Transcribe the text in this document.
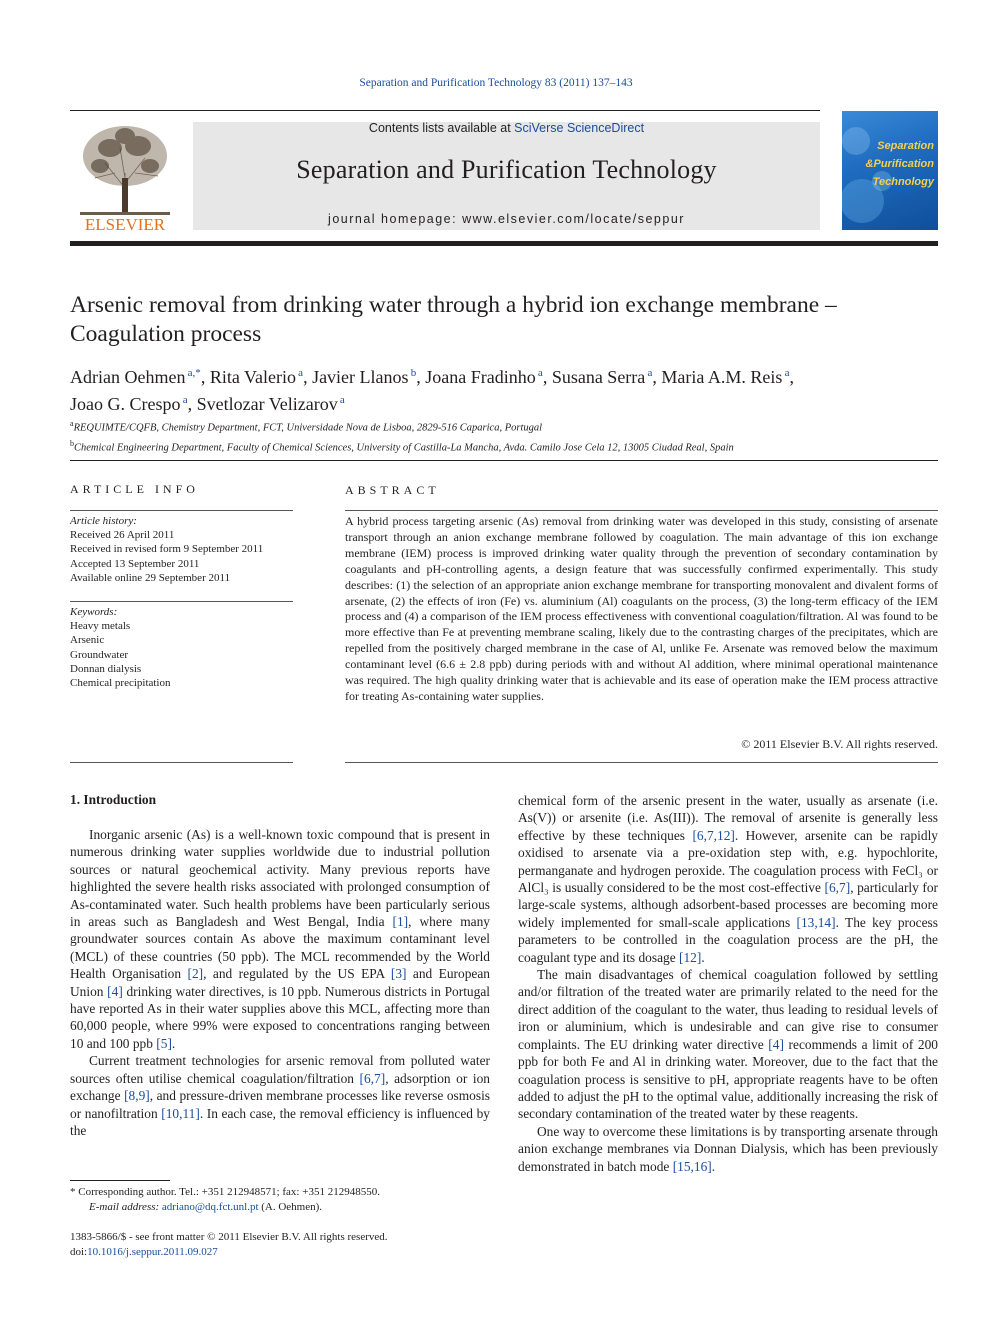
Separation and Purification Technology 83 (2011) 137–143
ELSEVIER
Contents lists available at SciVerse ScienceDirect
Separation and Purification Technology
journal homepage: www.elsevier.com/locate/seppur
Separation
&Purification
Technology
Arsenic removal from drinking water through a hybrid ion exchange membrane – Coagulation process
Adrian Oehmen $^{a,*}$, Rita Valerio $^a$, Javier Llanos $^b$, Joana Fradinho $^a$, Susana Serra $^a$, Maria A.M. Reis $^a$,
Joao G. Crespo $^a$, Svetlozar Velizarov $^a$
$^a$REQUIMTE/CQFB, Chemistry Department, FCT, Universidade Nova de Lisboa, 2829-516 Caparica, Portugal
$^b$Chemical Engineering Department, Faculty of Chemical Sciences, University of Castilla-La Mancha, Avda. Camilo Jose Cela 12, 13005 Ciudad Real, Spain
ARTICLE INFO
Article history:
Received 26 April 2011
Received in revised form 9 September 2011
Accepted 13 September 2011
Available online 29 September 2011
Keywords:
Heavy metals
Arsenic
Groundwater
Donnan dialysis
Chemical precipitation
ABSTRACT
A hybrid process targeting arsenic (As) removal from drinking water was developed in this study, consisting of arsenate transport through an anion exchange membrane followed by coagulation. The main advantage of this ion exchange membrane (IEM) process is improved drinking water quality through the prevention of secondary contamination by coagulants and pH-controlling agents, a design feature that was successfully confirmed experimentally. This study describes: (1) the selection of an appropriate anion exchange membrane for transporting monovalent and divalent forms of arsenate, (2) the effects of iron (Fe) vs. aluminium (Al) coagulants on the process, (3) the long-term efficacy of the IEM process and (4) a comparison of the IEM process effectiveness with conventional coagulation/filtration. Al was found to be more effective than Fe at preventing membrane scaling, likely due to the contrasting charges of the precipitates, which are repelled from the positively charged membrane in the case of Al, unlike Fe. Arsenate was removed below the maximum contaminant level (6.6 ± 2.8 ppb) during periods with and without Al addition, where minimal operational maintenance was required. The high quality drinking water that is achievable and its ease of operation make the IEM process attractive for treating As-containing water supplies.
© 2011 Elsevier B.V. All rights reserved.
1. Introduction

Inorganic arsenic (As) is a well-known toxic compound that is present in numerous drinking water supplies worldwide due to industrial pollution sources or natural geochemical activity. Many previous reports have highlighted the severe health risks associated with prolonged consumption of As-contaminated water. Such health problems have been particularly serious in areas such as Bangladesh and West Bengal, India [1], where many groundwater sources contain As above the maximum contaminant level (MCL) of these countries (50 ppb). The MCL recommended by the World Health Organisation [2], and regulated by the US EPA [3] and European Union [4] drinking water directives, is 10 ppb. Numerous districts in Portugal have reported As in their water supplies above this MCL, affecting more than 60,000 people, where 99% were exposed to concentrations ranging between 10 and 100 ppb [5].

Current treatment technologies for arsenic removal from polluted water sources often utilise chemical coagulation/filtration [6,7], adsorption or ion exchange [8,9], and pressure-driven membrane processes like reverse osmosis or nanofiltration [10,11]. In each case, the removal efficiency is influenced by the

chemical form of the arsenic present in the water, usually as arsenate (i.e. As(V)) or arsenite (i.e. As(III)). The removal of arsenite is generally less effective by these techniques [6,7,12]. However, arsenite can be rapidly oxidised to arsenate via a pre-oxidation step with, e.g. hypochlorite, permanganate and hydrogen peroxide. The coagulation process with FeCl₃ or AlCl₃ is usually considered to be the most cost-effective [6,7], particularly for large-scale systems, although adsorbent-based processes are becoming more widely implemented for small-scale applications [13,14]. The key process parameters to be controlled in the coagulation process are the pH, the coagulant type and its dosage [12].

The main disadvantages of chemical coagulation followed by settling and/or filtration of the treated water are primarily related to the need for the direct addition of the coagulant to the water, thus leading to residual levels of iron or aluminium, which is undesirable and can give rise to consumer complaints. The EU drinking water directive [4] recommends a limit of 200 ppb for both Fe and Al in drinking water. Moreover, due to the fact that the coagulation process is sensitive to pH, appropriate reagents have to be often added to adjust the pH to the optimal value, additionally increasing the risk of secondary contamination of the treated water by these reagents.

One way to overcome these limitations is by transporting arsenate through anion exchange membranes via Donnan Dialysis, which has been previously demonstrated in batch mode [15,16].

* Corresponding author. Tel.: +351 212948571; fax: +351 212948550.
E-mail address: adriano@dq.fct.unl.pt (A. Oehmen).
1383-5866/$ - see front matter © 2011 Elsevier B.V. All rights reserved.
doi:10.1016/j.seppur.2011.09.027
